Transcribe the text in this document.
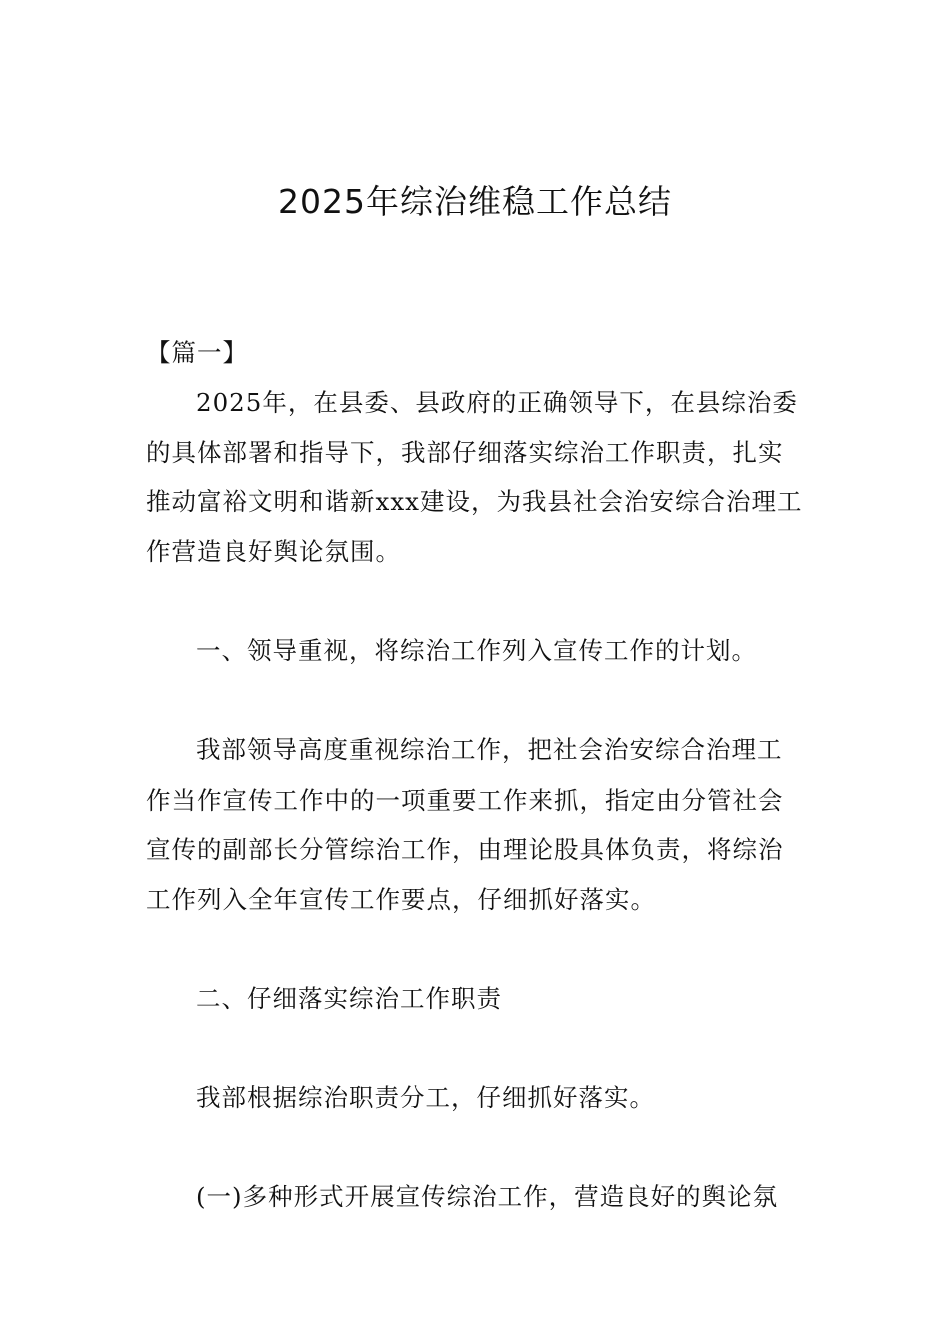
2025年综治维稳工作总结
【篇一】
2025年，在县委、县政府的正确领导下，在县综治委
的具体部署和指导下，我部仔细落实综治工作职责，扎实
推动富裕文明和谐新xxx建设，为我县社会治安综合治理工
作营造良好舆论氛围。
一、领导重视，将综治工作列入宣传工作的计划。
我部领导高度重视综治工作，把社会治安综合治理工
作当作宣传工作中的一项重要工作来抓，指定由分管社会
宣传的副部长分管综治工作，由理论股具体负责，将综治
工作列入全年宣传工作要点，仔细抓好落实。
二、仔细落实综治工作职责
我部根据综治职责分工，仔细抓好落实。
(一)多种形式开展宣传综治工作，营造良好的舆论氛
